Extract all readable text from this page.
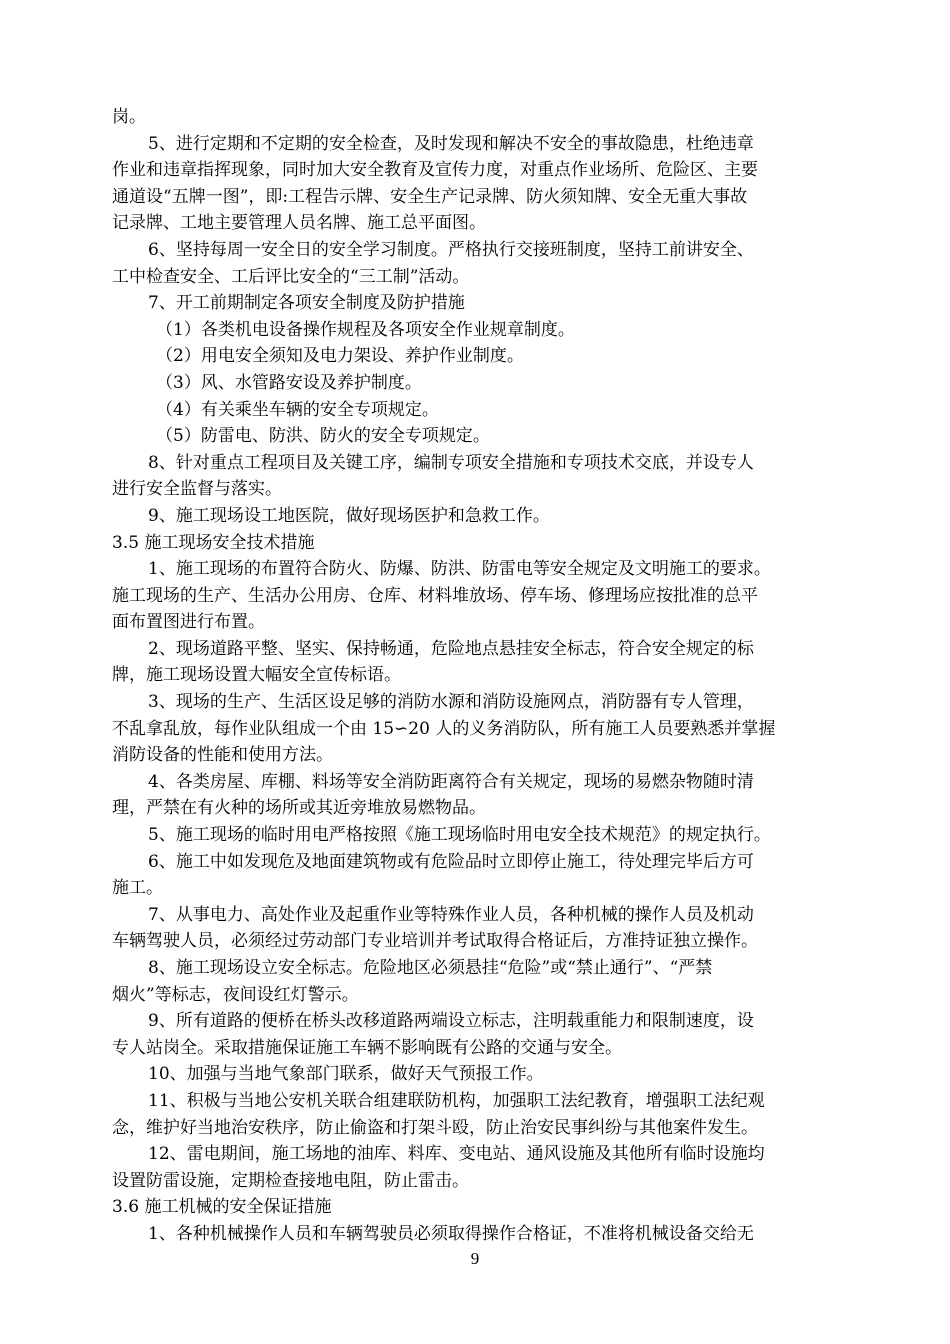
岗。
5、进行定期和不定期的安全检查，及时发现和解决不安全的事故隐患，杜绝违章
作业和违章指挥现象，同时加大安全教育及宣传力度，对重点作业场所、危险区、主要
通道设“五牌一图”，即:工程告示牌、安全生产记录牌、防火须知牌、安全无重大事故
记录牌、工地主要管理人员名牌、施工总平面图。
6、坚持每周一安全日的安全学习制度。严格执行交接班制度，坚持工前讲安全、
工中检查安全、工后评比安全的“三工制”活动。
7、开工前期制定各项安全制度及防护措施
（1）各类机电设备操作规程及各项安全作业规章制度。
（2）用电安全须知及电力架设、养护作业制度。
（3）风、水管路安设及养护制度。
（4）有关乘坐车辆的安全专项规定。
（5）防雷电、防洪、防火的安全专项规定。
8、针对重点工程项目及关键工序，编制专项安全措施和专项技术交底，并设专人
进行安全监督与落实。
9、施工现场设工地医院，做好现场医护和急救工作。
3.5 施工现场安全技术措施
1、施工现场的布置符合防火、防爆、防洪、防雷电等安全规定及文明施工的要求。
施工现场的生产、生活办公用房、仓库、材料堆放场、停车场、修理场应按批准的总平
面布置图进行布置。
2、现场道路平整、坚实、保持畅通，危险地点悬挂安全标志，符合安全规定的标
牌，施工现场设置大幅安全宣传标语。
3、现场的生产、生活区设足够的消防水源和消防设施网点，消防器有专人管理，
不乱拿乱放，每作业队组成一个由 15∽20 人的义务消防队，所有施工人员要熟悉并掌握
消防设备的性能和使用方法。
4、各类房屋、库棚、料场等安全消防距离符合有关规定，现场的易燃杂物随时清
理，严禁在有火种的场所或其近旁堆放易燃物品。
5、施工现场的临时用电严格按照《施工现场临时用电安全技术规范》的规定执行。
6、施工中如发现危及地面建筑物或有危险品时立即停止施工，待处理完毕后方可
施工。
7、从事电力、高处作业及起重作业等特殊作业人员，各种机械的操作人员及机动
车辆驾驶人员，必须经过劳动部门专业培训并考试取得合格证后，方准持证独立操作。
8、施工现场设立安全标志。危险地区必须悬挂“危险”或“禁止通行”、“严禁
烟火”等标志，夜间设红灯警示。
9、所有道路的便桥在桥头改移道路两端设立标志，注明载重能力和限制速度，设
专人站岗全。采取措施保证施工车辆不影响既有公路的交通与安全。
10、加强与当地气象部门联系，做好天气预报工作。
11、积极与当地公安机关联合组建联防机构，加强职工法纪教育，增强职工法纪观
念，维护好当地治安秩序，防止偷盗和打架斗殴，防止治安民事纠纷与其他案件发生。
12、雷电期间，施工场地的油库、料库、变电站、通风设施及其他所有临时设施均
设置防雷设施，定期检查接地电阻，防止雷击。
3.6 施工机械的安全保证措施
1、各种机械操作人员和车辆驾驶员必须取得操作合格证，不准将机械设备交给无
9
